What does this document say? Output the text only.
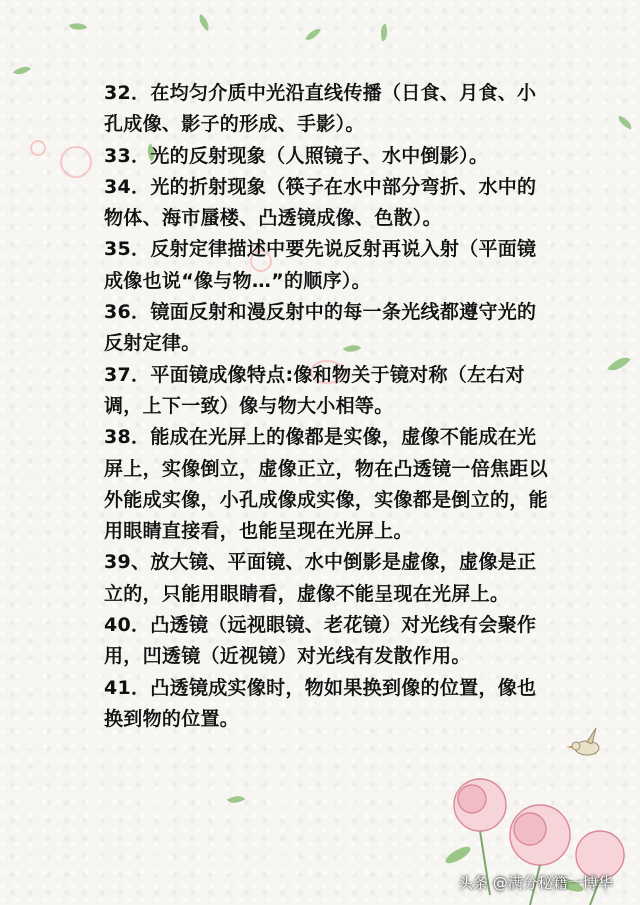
32．在均匀介质中光沿直线传播（日食、月食、小孔成像、影子的形成、手影）。

33．光的反射现象（人照镜子、水中倒影）。

34．光的折射现象（筷子在水中部分弯折、水中的物体、海市蜃楼、凸透镜成像、色散）。

35．反射定律描述中要先说反射再说入射（平面镜成像也说“像与物…”的顺序）。

36．镜面反射和漫反射中的每一条光线都遵守光的反射定律。

37．平面镜成像特点:像和物关于镜对称（左右对调，上下一致）像与物大小相等。

38．能成在光屏上的像都是实像，虚像不能成在光屏上，实像倒立，虚像正立，物在凸透镜一倍焦距以外能成实像，小孔成像成实像，实像都是倒立的，能用眼睛直接看，也能呈现在光屏上。

39、放大镜、平面镜、水中倒影是虚像，虚像是正立的，只能用眼睛看，虚像不能呈现在光屏上。

40．凸透镜（远视眼镜、老花镜）对光线有会聚作用，凹透镜（近视镜）对光线有发散作用。

41．凸透镜成实像时，物如果换到像的位置，像也换到物的位置。

头条 @满分秘籍一博华
